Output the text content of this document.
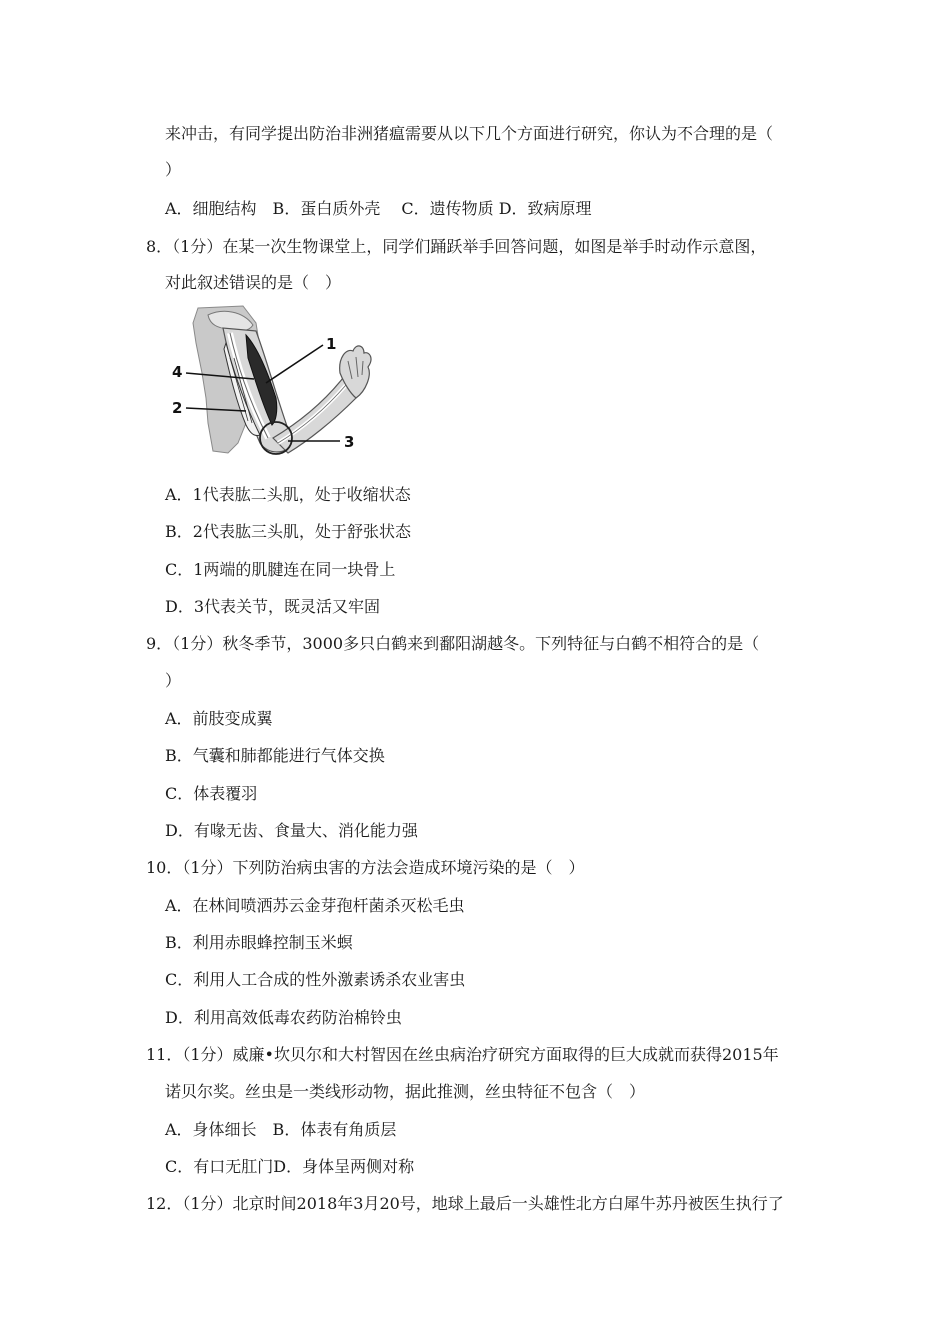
来冲击，有同学提出防治非洲猪瘟需要从以下几个方面进行研究，你认为不合理的是（
）
A．细胞结构　B．蛋白质外壳　 C．遗传物质 D．致病原理
8．（1分）在某一次生物课堂上，同学们踊跃举手回答问题，如图是举手时动作示意图，
对此叙述错误的是（　）
1
2
3
4
A．1代表肱二头肌，处于收缩状态
B．2代表肱三头肌，处于舒张状态
C．1两端的肌腱连在同一块骨上
D．3代表关节，既灵活又牢固
9．（1分）秋冬季节，3000多只白鹤来到鄱阳湖越冬。下列特征与白鹤不相符合的是（
）
A．前肢变成翼
B．气囊和肺都能进行气体交换
C．体表覆羽
D．有喙无齿、食量大、消化能力强
10．（1分）下列防治病虫害的方法会造成环境污染的是（　）
A．在林间喷洒苏云金芽孢杆菌杀灭松毛虫
B．利用赤眼蜂控制玉米螟
C．利用人工合成的性外激素诱杀农业害虫
D．利用高效低毒农药防治棉铃虫
11．（1分）威廉•坎贝尔和大村智因在丝虫病治疗研究方面取得的巨大成就而获得2015年
诺贝尔奖。丝虫是一类线形动物，据此推测，丝虫特征不包含（　）
A．身体细长　B．体表有角质层
C．有口无肛门D．身体呈两侧对称
12．（1分）北京时间2018年3月20号，地球上最后一头雄性北方白犀牛苏丹被医生执行了
